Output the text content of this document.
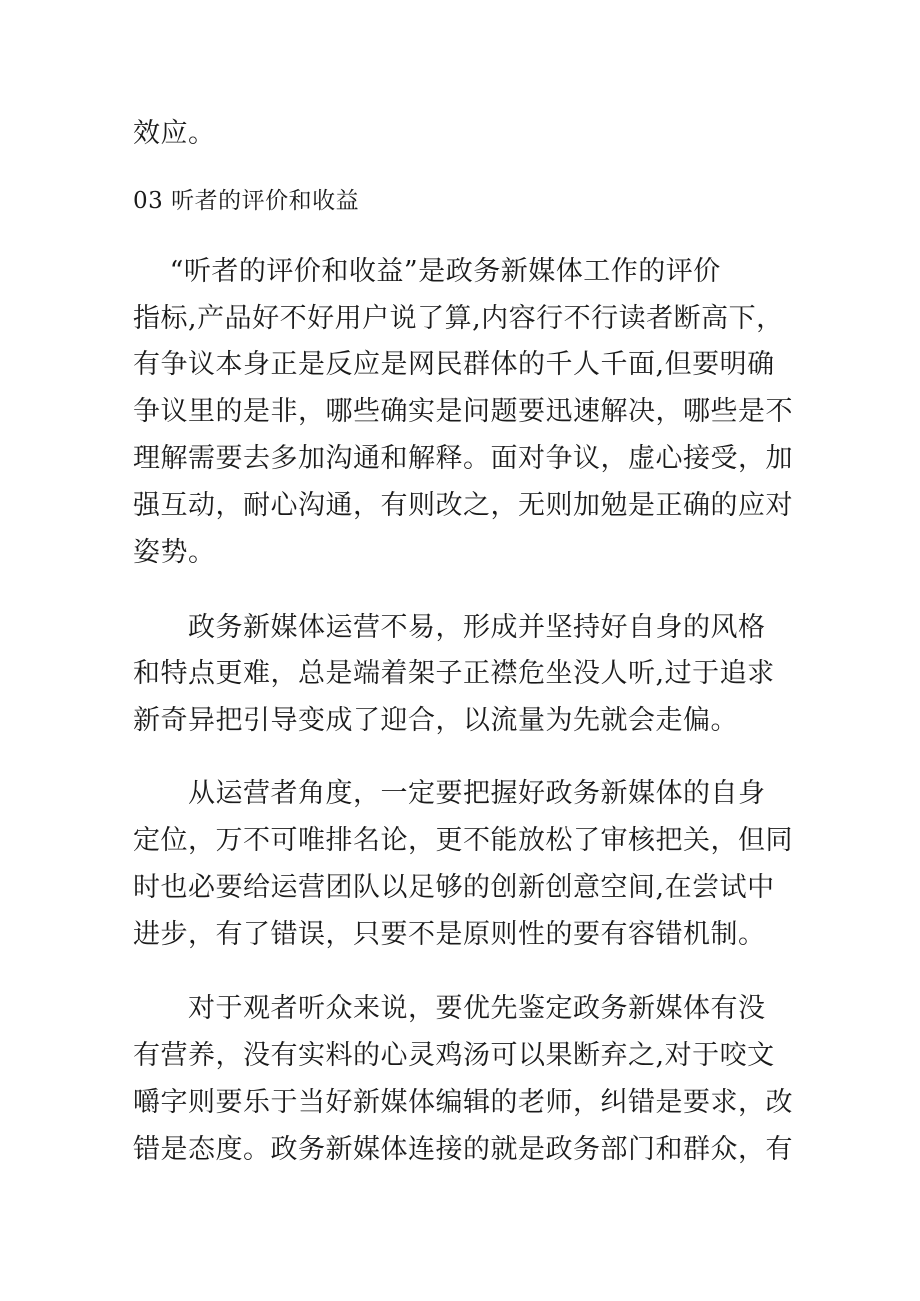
效应。
03 听者的评价和收益
　 “听者的评价和收益”是政务新媒体工作的评价
指标,产品好不好用户说了算,内容行不行读者断高下，
有争议本身正是反应是网民群体的千人千面,但要明确
争议里的是非，哪些确实是问题要迅速解决，哪些是不
理解需要去多加沟通和解释。面对争议，虚心接受，加
强互动，耐心沟通，有则改之，无则加勉是正确的应对
姿势。
　　政务新媒体运营不易，形成并坚持好自身的风格
和特点更难，总是端着架子正襟危坐没人听,过于追求
新奇异把引导变成了迎合，以流量为先就会走偏。
　　从运营者角度，一定要把握好政务新媒体的自身
定位，万不可唯排名论，更不能放松了审核把关，但同
时也必要给运营团队以足够的创新创意空间,在尝试中
进步，有了错误，只要不是原则性的要有容错机制。
　　对于观者听众来说，要优先鉴定政务新媒体有没
有营养，没有实料的心灵鸡汤可以果断弃之,对于咬文
嚼字则要乐于当好新媒体编辑的老师，纠错是要求，改
错是态度。政务新媒体连接的就是政务部门和群众，有
